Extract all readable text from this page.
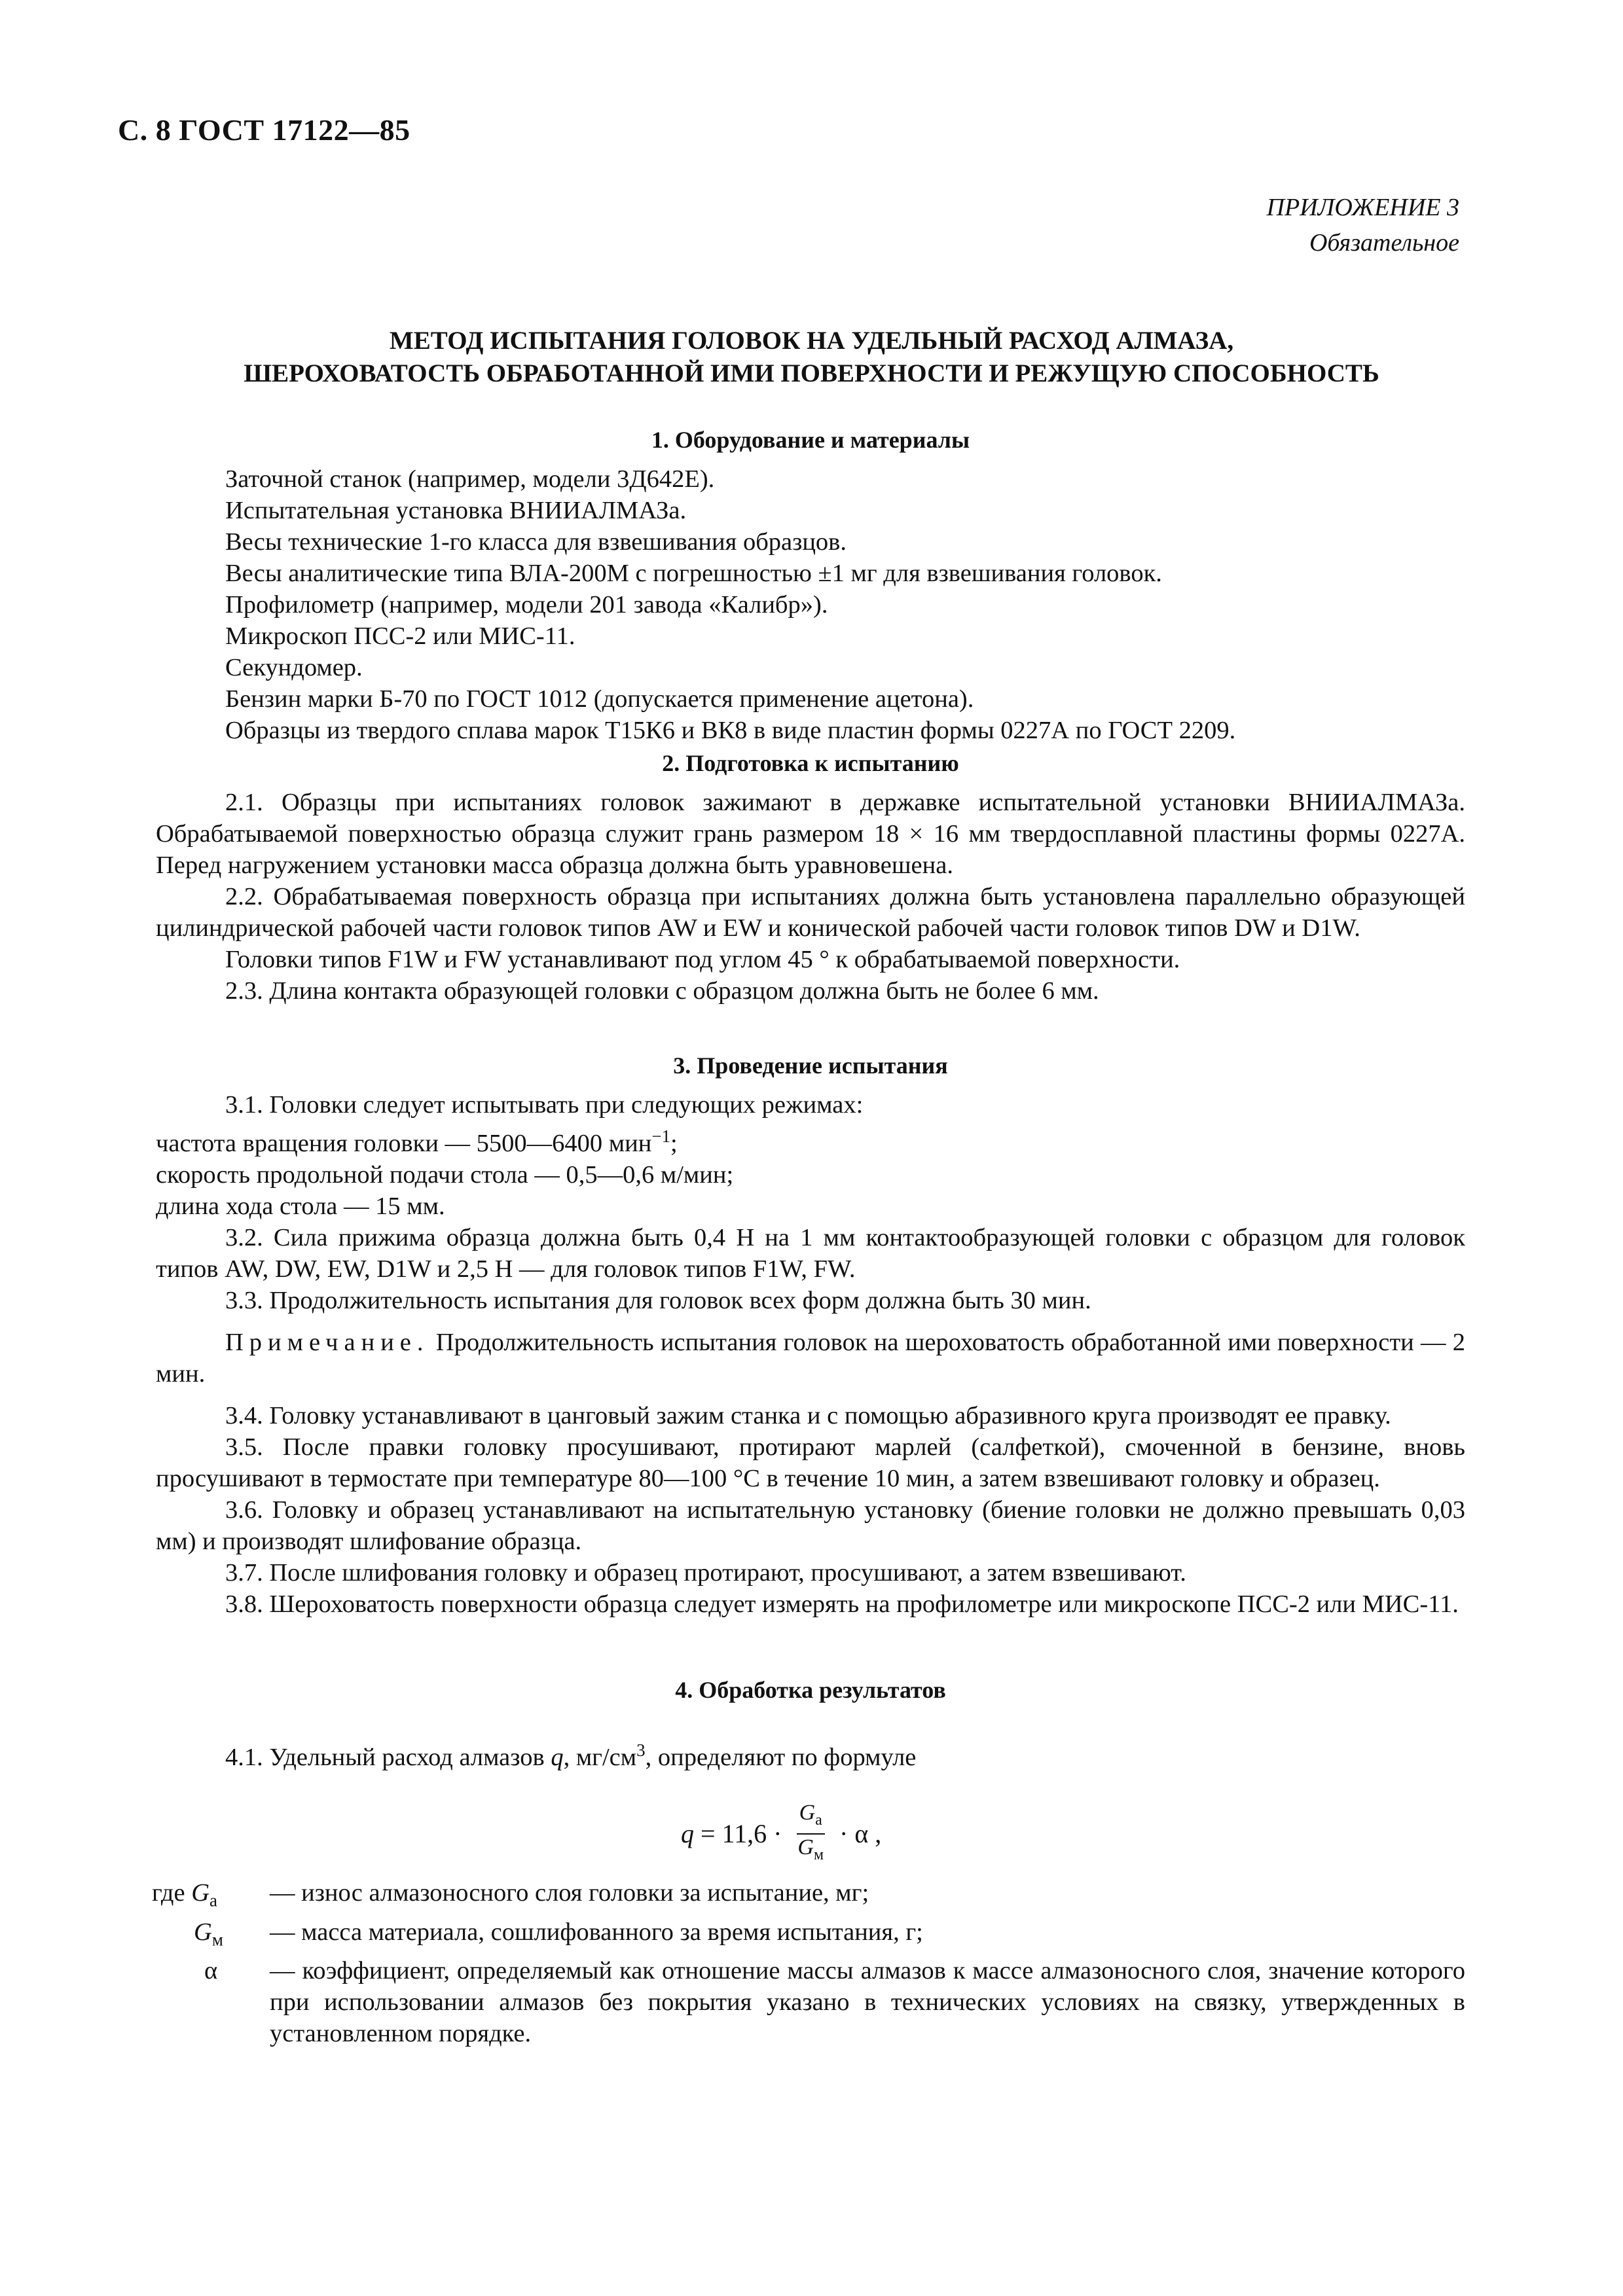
С. 8 ГОСТ 17122—85
ПРИЛОЖЕНИЕ 3
Обязательное
МЕТОД ИСПЫТАНИЯ ГОЛОВОК НА УДЕЛЬНЫЙ РАСХОД АЛМАЗА,
ШЕРОХОВАТОСТЬ ОБРАБОТАННОЙ ИМИ ПОВЕРХНОСТИ И РЕЖУЩУЮ СПОСОБНОСТЬ

1. Оборудование и материалы

Заточной станок (например, модели 3Д642Е).

Испытательная установка ВНИИАЛМАЗа.

Весы технические 1-го класса для взвешивания образцов.

Весы аналитические типа ВЛА-200М с погрешностью ±1 мг для взвешивания головок.

Профилометр (например, модели 201 завода «Калибр»).

Микроскоп ПСС-2 или МИС-11.

Секундомер.

Бензин марки Б-70 по ГОСТ 1012 (допускается применение ацетона).

Образцы из твердого сплава марок Т15К6 и ВК8 в виде пластин формы 0227А по ГОСТ 2209.

2. Подготовка к испытанию

2.1. Образцы при испытаниях головок зажимают в державке испытательной установки ВНИИАЛМАЗа. Обрабатываемой поверхностью образца служит грань размером 18 × 16 мм твердосплавной пластины формы 0227А. Перед нагружением установки масса образца должна быть уравновешена.

2.2. Обрабатываемая поверхность образца при испытаниях должна быть установлена параллельно образующей цилиндрической рабочей части головок типов AW и EW и конической рабочей части головок типов DW и D1W.

Головки типов F1W и FW устанавливают под углом 45 ° к обрабатываемой поверхности.

2.3. Длина контакта образующей головки с образцом должна быть не более 6 мм.

3. Проведение испытания

3.1. Головки следует испытывать при следующих режимах:

частота вращения головки — 5500—6400 мин$^{-1}$;

скорость продольной подачи стола — 0,5—0,6 м/мин;

длина хода стола — 15 мм.

3.2. Сила прижима образца должна быть 0,4 Н на 1 мм контактообразующей головки с образцом для головок типов AW, DW, EW, D1W и 2,5 Н — для головок типов F1W, FW.

3.3. Продолжительность испытания для головок всех форм должна быть 30 мин.

Примечание. Продолжительность испытания головок на шероховатость обработанной ими поверхности — 2 мин.

3.4. Головку устанавливают в цанговый зажим станка и с помощью абразивного круга производят ее правку.

3.5. После правки головку просушивают, протирают марлей (салфеткой), смоченной в бензине, вновь просушивают в термостате при температуре 80—100 °С в течение 10 мин, а затем взвешивают головку и образец.

3.6. Головку и образец устанавливают на испытательную установку (биение головки не должно превышать 0,03 мм) и производят шлифование образца.

3.7. После шлифования головку и образец протирают, просушивают, а затем взвешивают.

3.8. Шероховатость поверхности образца следует измерять на профилометре или микроскопе ПСС-2 или МИС-11.

4. Обработка результатов

4.1. Удельный расход алмазов q, $мг/см^3$, определяют по формуле

$q = 11,6 \cdot \frac{G_а}{G_м} \cdot \alpha$ ,
где $G_а$	— износ алмазоносного слоя головки за испытание, мг;
$G_м$	— масса материала, сошлифованного за время испытания, г;
α	— коэффициент, определяемый как отношение массы алмазов к массе алмазоносного слоя, значение которого при использовании алмазов без покрытия указано в технических условиях на связку, утвержденных в установленном порядке.
